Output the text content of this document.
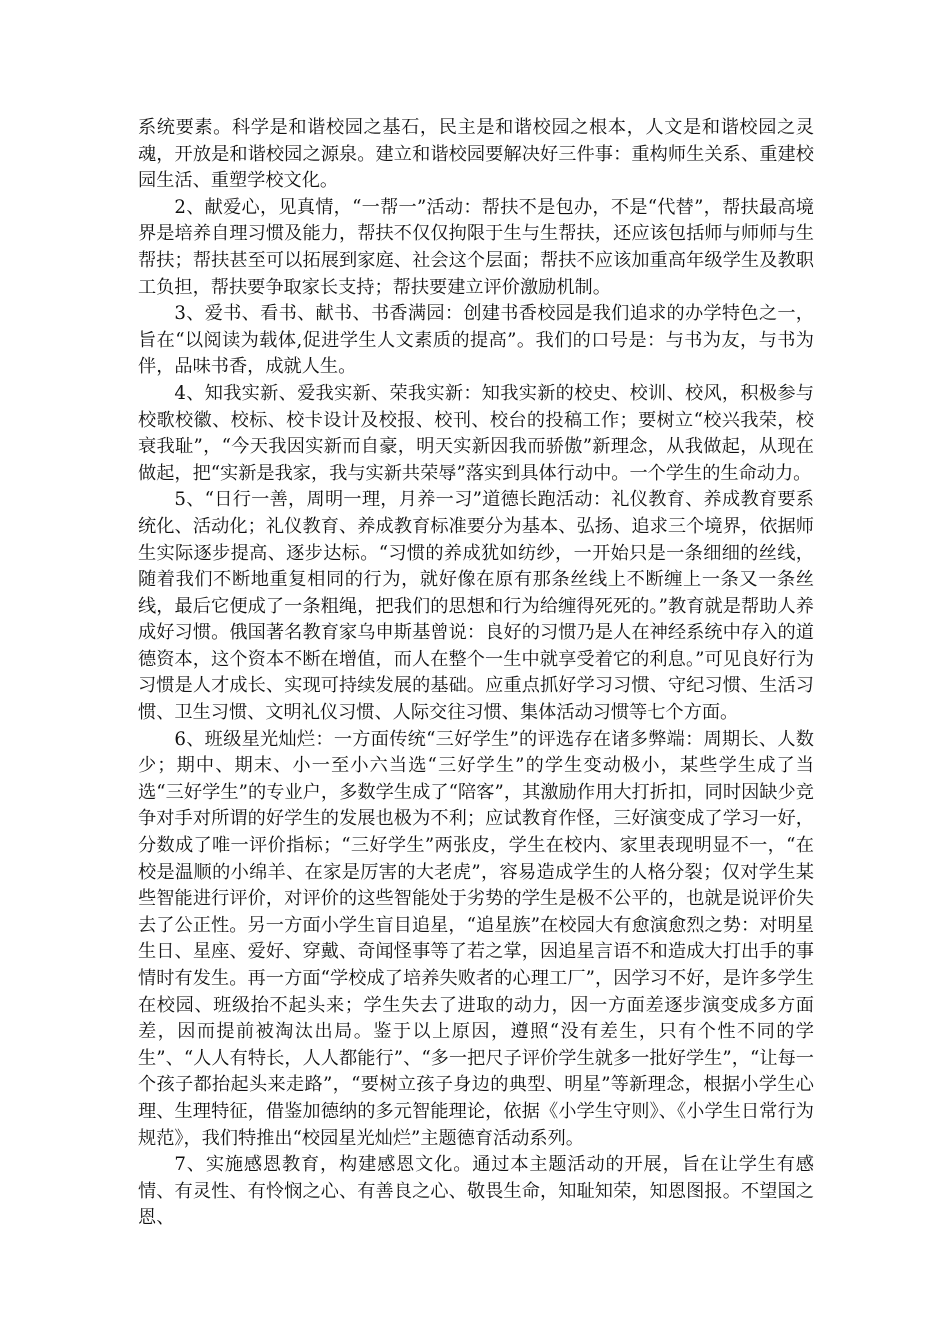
系统要素。科学是和谐校园之基石，民主是和谐校园之根本，人文是和谐校园之灵魂，开放是和谐校园之源泉。建立和谐校园要解决好三件事：重构师生关系、重建校园生活、重塑学校文化。

2、献爱心，见真情，“一帮一”活动：帮扶不是包办，不是“代替”，帮扶最高境界是培养自理习惯及能力，帮扶不仅仅拘限于生与生帮扶，还应该包括师与师师与生帮扶；帮扶甚至可以拓展到家庭、社会这个层面；帮扶不应该加重高年级学生及教职工负担，帮扶要争取家长支持；帮扶要建立评价激励机制。

3、爱书、看书、献书、书香满园：创建书香校园是我们追求的办学特色之一，旨在“以阅读为载体,促进学生人文素质的提高”。我们的口号是：与书为友，与书为伴，品味书香，成就人生。

4、知我实新、爱我实新、荣我实新：知我实新的校史、校训、校风，积极参与校歌校徽、校标、校卡设计及校报、校刊、校台的投稿工作；要树立“校兴我荣，校衰我耻”，“今天我因实新而自豪，明天实新因我而骄傲”新理念，从我做起，从现在做起，把“实新是我家，我与实新共荣辱”落实到具体行动中。一个学生的生命动力。

5、“日行一善，周明一理，月养一习”道德长跑活动：礼仪教育、养成教育要系统化、活动化；礼仪教育、养成教育标准要分为基本、弘扬、追求三个境界，依据师生实际逐步提高、逐步达标。“习惯的养成犹如纺纱，一开始只是一条细细的丝线，随着我们不断地重复相同的行为，就好像在原有那条丝线上不断缠上一条又一条丝线，最后它便成了一条粗绳，把我们的思想和行为给缠得死死的。”教育就是帮助人养成好习惯。俄国著名教育家乌申斯基曾说：良好的习惯乃是人在神经系统中存入的道德资本，这个资本不断在增值，而人在整个一生中就享受着它的利息。”可见良好行为习惯是人才成长、实现可持续发展的基础。应重点抓好学习习惯、守纪习惯、生活习惯、卫生习惯、文明礼仪习惯、人际交往习惯、集体活动习惯等七个方面。

6、班级星光灿烂：一方面传统“三好学生”的评选存在诸多弊端：周期长、人数少；期中、期末、小一至小六当选“三好学生”的学生变动极小，某些学生成了当选“三好学生”的专业户，多数学生成了“陪客”，其激励作用大打折扣，同时因缺少竞争对手对所谓的好学生的发展也极为不利；应试教育作怪，三好演变成了学习一好，分数成了唯一评价指标；“三好学生”两张皮，学生在校内、家里表现明显不一，“在校是温顺的小绵羊、在家是厉害的大老虎”，容易造成学生的人格分裂；仅对学生某些智能进行评价，对评价的这些智能处于劣势的学生是极不公平的，也就是说评价失去了公正性。另一方面小学生盲目追星，“追星族”在校园大有愈演愈烈之势：对明星生日、星座、爱好、穿戴、奇闻怪事等了若之掌，因追星言语不和造成大打出手的事情时有发生。再一方面“学校成了培养失败者的心理工厂”，因学习不好，是许多学生在校园、班级抬不起头来；学生失去了进取的动力，因一方面差逐步演变成多方面差，因而提前被淘汰出局。鉴于以上原因，遵照“没有差生，只有个性不同的学生”、“人人有特长，人人都能行”、“多一把尺子评价学生就多一批好学生”，“让每一个孩子都抬起头来走路”，“要树立孩子身边的典型、明星”等新理念，根据小学生心理、生理特征，借鉴加德纳的多元智能理论，依据《小学生守则》、《小学生日常行为规范》，我们特推出“校园星光灿烂”主题德育活动系列。

7、实施感恩教育，构建感恩文化。通过本主题活动的开展，旨在让学生有感情、有灵性、有怜悯之心、有善良之心、敬畏生命，知耻知荣，知恩图报。不望国之恩、
